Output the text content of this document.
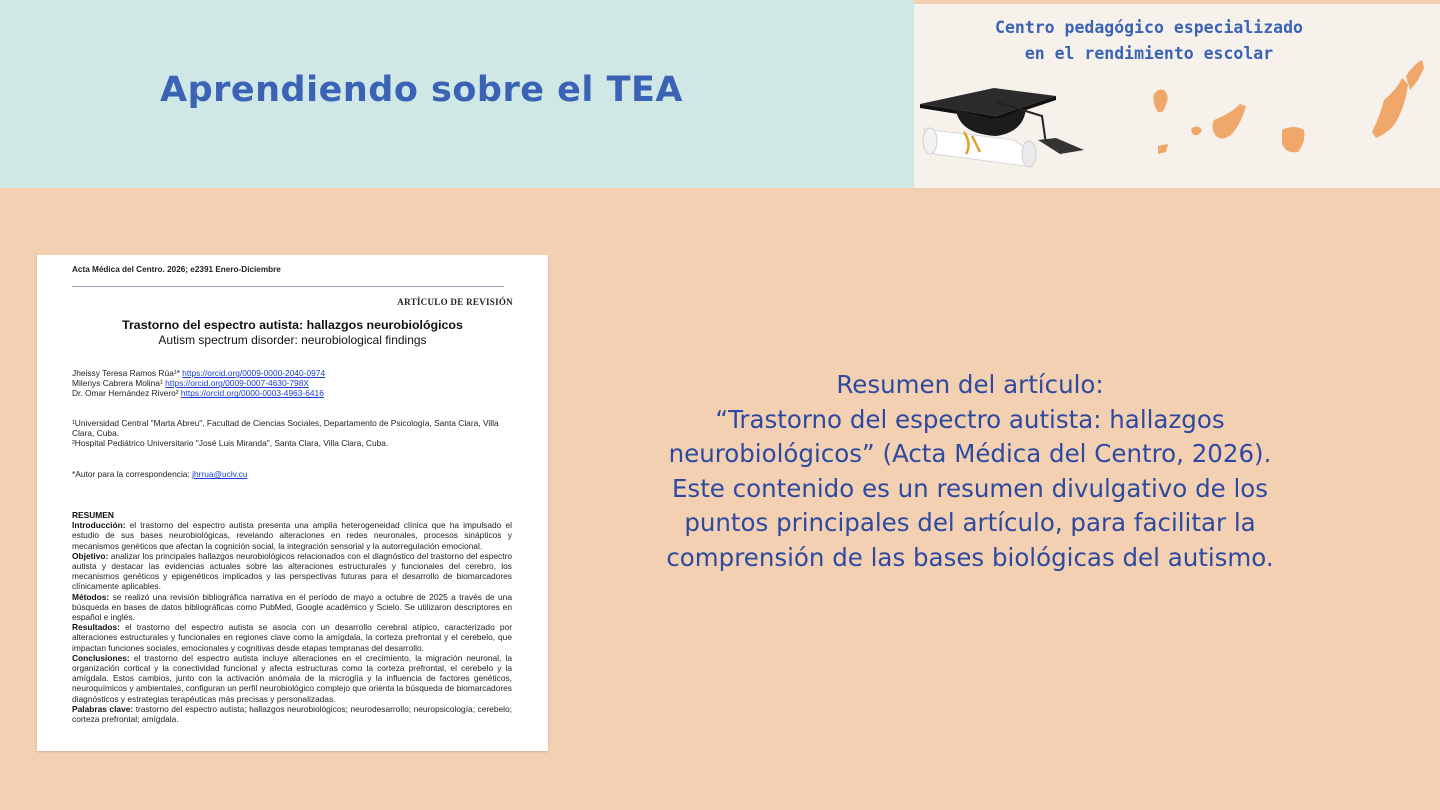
Aprendiendo sobre el TEA
Centro pedagógico especializado
en el rendimiento escolar
Acta Médica del Centro. 2026; e2391 Enero-Diciembre
ARTÍCULO DE REVISIÓN
Trastorno del espectro autista: hallazgos neurobiológicos
Autism spectrum disorder: neurobiological findings
Jheissy Teresa Ramos Rúa¹* https://orcid.org/0009-0000-2040-0974
Milenys Cabrera Molina¹ https://orcid.org/0009-0007-4630-798X
Dr. Omar Hernández Rivero² https://orcid.org/0000-0003-4963-6416
¹Universidad Central "Marta Abreu", Facultad de Ciencias Sociales, Departamento de Psicología, Santa Clara, Villa Clara, Cuba.
²Hospital Pediátrico Universitario "José Luis Miranda", Santa Clara, Villa Clara, Cuba.
*Autor para la correspondencia: jhrrua@uclv.cu
RESUMEN
Introducción: el trastorno del espectro autista presenta una amplia heterogeneidad clínica que ha impulsado el estudio de sus bases neurobiológicas, revelando alteraciones en redes neuronales, procesos sinápticos y mecanismos genéticos que afectan la cognición social, la integración sensorial y la autorregulación emocional.
Objetivo: analizar los principales hallazgos neurobiológicos relacionados con el diagnóstico del trastorno del espectro autista y destacar las evidencias actuales sobre las alteraciones estructurales y funcionales del cerebro, los mecanismos genéticos y epigenéticos implicados y las perspectivas futuras para el desarrollo de biomarcadores clínicamente aplicables.
Métodos: se realizó una revisión bibliográfica narrativa en el período de mayo a octubre de 2025 a través de una búsqueda en bases de datos bibliográficas como PubMed, Google académico y Scielo. Se utilizaron descriptores en español e inglés.
Resultados: el trastorno del espectro autista se asocia con un desarrollo cerebral atípico, caracterizado por alteraciones estructurales y funcionales en regiones clave como la amígdala, la corteza prefrontal y el cerebelo, que impactan funciones sociales, emocionales y cognitivas desde etapas tempranas del desarrollo.
Conclusiones: el trastorno del espectro autista incluye alteraciones en el crecimiento, la migración neuronal, la organización cortical y la conectividad funcional y afecta estructuras como la corteza prefrontal, el cerebelo y la amígdala. Estos cambios, junto con la activación anómala de la microglía y la influencia de factores genéticos, neuroquímicos y ambientales, configuran un perfil neurobiológico complejo que orienta la búsqueda de biomarcadores diagnósticos y estrategias terapéuticas más precisas y personalizadas.
Palabras clave: trastorno del espectro autista; hallazgos neurobiológicos; neurodesarrollo; neuropsicología; cerebelo; corteza prefrontal; amígdala.
Resumen del artículo:
“Trastorno del espectro autista: hallazgos
neurobiológicos” (Acta Médica del Centro, 2026).
Este contenido es un resumen divulgativo de los
puntos principales del artículo, para facilitar la
comprensión de las bases biológicas del autismo.
